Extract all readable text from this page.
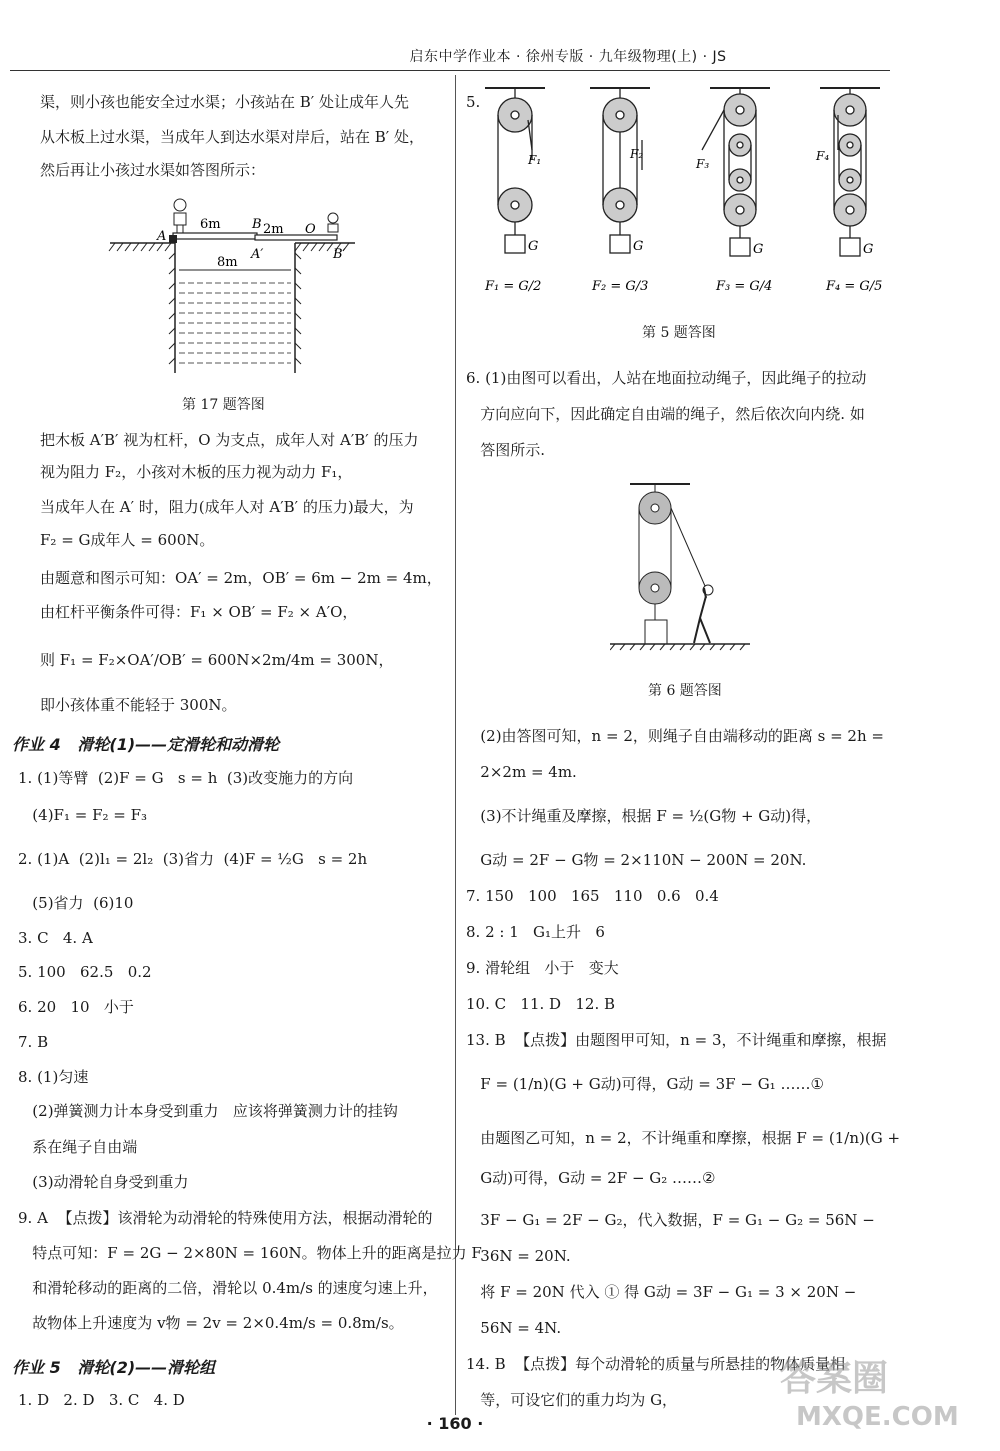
启东中学作业本 · 徐州专版 · 九年级物理(上) · JS
渠，则小孩也能安全过水渠；小孩站在 B′ 处让成年人先
从木板上过水渠，当成年人到达水渠对岸后，站在 B′ 处，
然后再让小孩过水渠如答图所示：
8m
A
6m B 2m O
A′	B′
第 17 题答图
把木板 A′B′ 视为杠杆，O 为支点，成年人对 A′B′ 的压力
视为阻力 F₂，小孩对木板的压力视为动力 F₁，
当成年人在 A′ 时，阻力(成年人对 A′B′ 的压力)最大，为
F₂ = G成年人 = 600N。
由题意和图示可知：OA′ = 2m，OB′ = 6m − 2m = 4m，
由杠杆平衡条件可得：F₁ × OB′ = F₂ × A′O，
则 F₁ = F₂×OA′/OB′ = 600N×2m/4m = 300N，
即小孩体重不能轻于 300N。
作业 4   滑轮(1)——定滑轮和动滑轮
1. (1)等臂  (2)F = G   s = h  (3)改变施力的方向
(4)F₁ = F₂ = F₃
2. (1)A  (2)l₁ = 2l₂  (3)省力  (4)F = ½G   s = 2h
(5)省力  (6)10
3. C   4. A
5. 100   62.5   0.2
6. 20   10   小于
7. B
8. (1)匀速
(2)弹簧测力计本身受到重力   应该将弹簧测力计的挂钩
系在绳子自由端
(3)动滑轮自身受到重力
9. A  【点拨】该滑轮为动滑轮的特殊使用方法，根据动滑轮的
特点可知：F = 2G − 2×80N = 160N。物体上升的距离是拉力 F
和滑轮移动的距离的二倍，滑轮以 0.4m/s 的速度匀速上升，
故物体上升速度为 v物 = 2v = 2×0.4m/s = 0.8m/s。
作业 5   滑轮(2)——滑轮组
1. D   2. D   3. C   4. D
5.
F₁	F₂
F₃
F₄
G	G	G	G
F₁ = G/2	F₂ = G/3	F₃ = G/4	F₄ = G/5
第 5 题答图
6. (1)由图可以看出，人站在地面拉动绳子，因此绳子的拉动
方向应向下，因此确定自由端的绳子，然后依次向内绕. 如
答图所示.
第 6 题答图
(2)由答图可知，n = 2，则绳子自由端移动的距离 s = 2h =
2×2m = 4m.
(3)不计绳重及摩擦，根据 F = ½(G物 + G动)得，
G动 = 2F − G物 = 2×110N − 200N = 20N.
7. 150   100   165   110   0.6   0.4
8. 2 : 1   G₁上升   6
9. 滑轮组   小于   变大
10. C   11. D   12. B
13. B  【点拨】由题图甲可知，n = 3，不计绳重和摩擦，根据
F = (1/n)(G + G动)可得，G动 = 3F − G₁ ……①
由题图乙可知，n = 2，不计绳重和摩擦，根据 F = (1/n)(G +
G动)可得，G动 = 2F − G₂ ……②
3F − G₁ = 2F − G₂，代入数据，F = G₁ − G₂ = 56N −
36N = 20N.
将 F = 20N 代入 ① 得 G动 = 3F − G₁ = 3 × 20N −
56N = 4N.
14. B  【点拨】每个动滑轮的质量与所悬挂的物体质量相
等，可设它们的重力均为 G，
· 160 ·
答案圈
MXQE.COM
